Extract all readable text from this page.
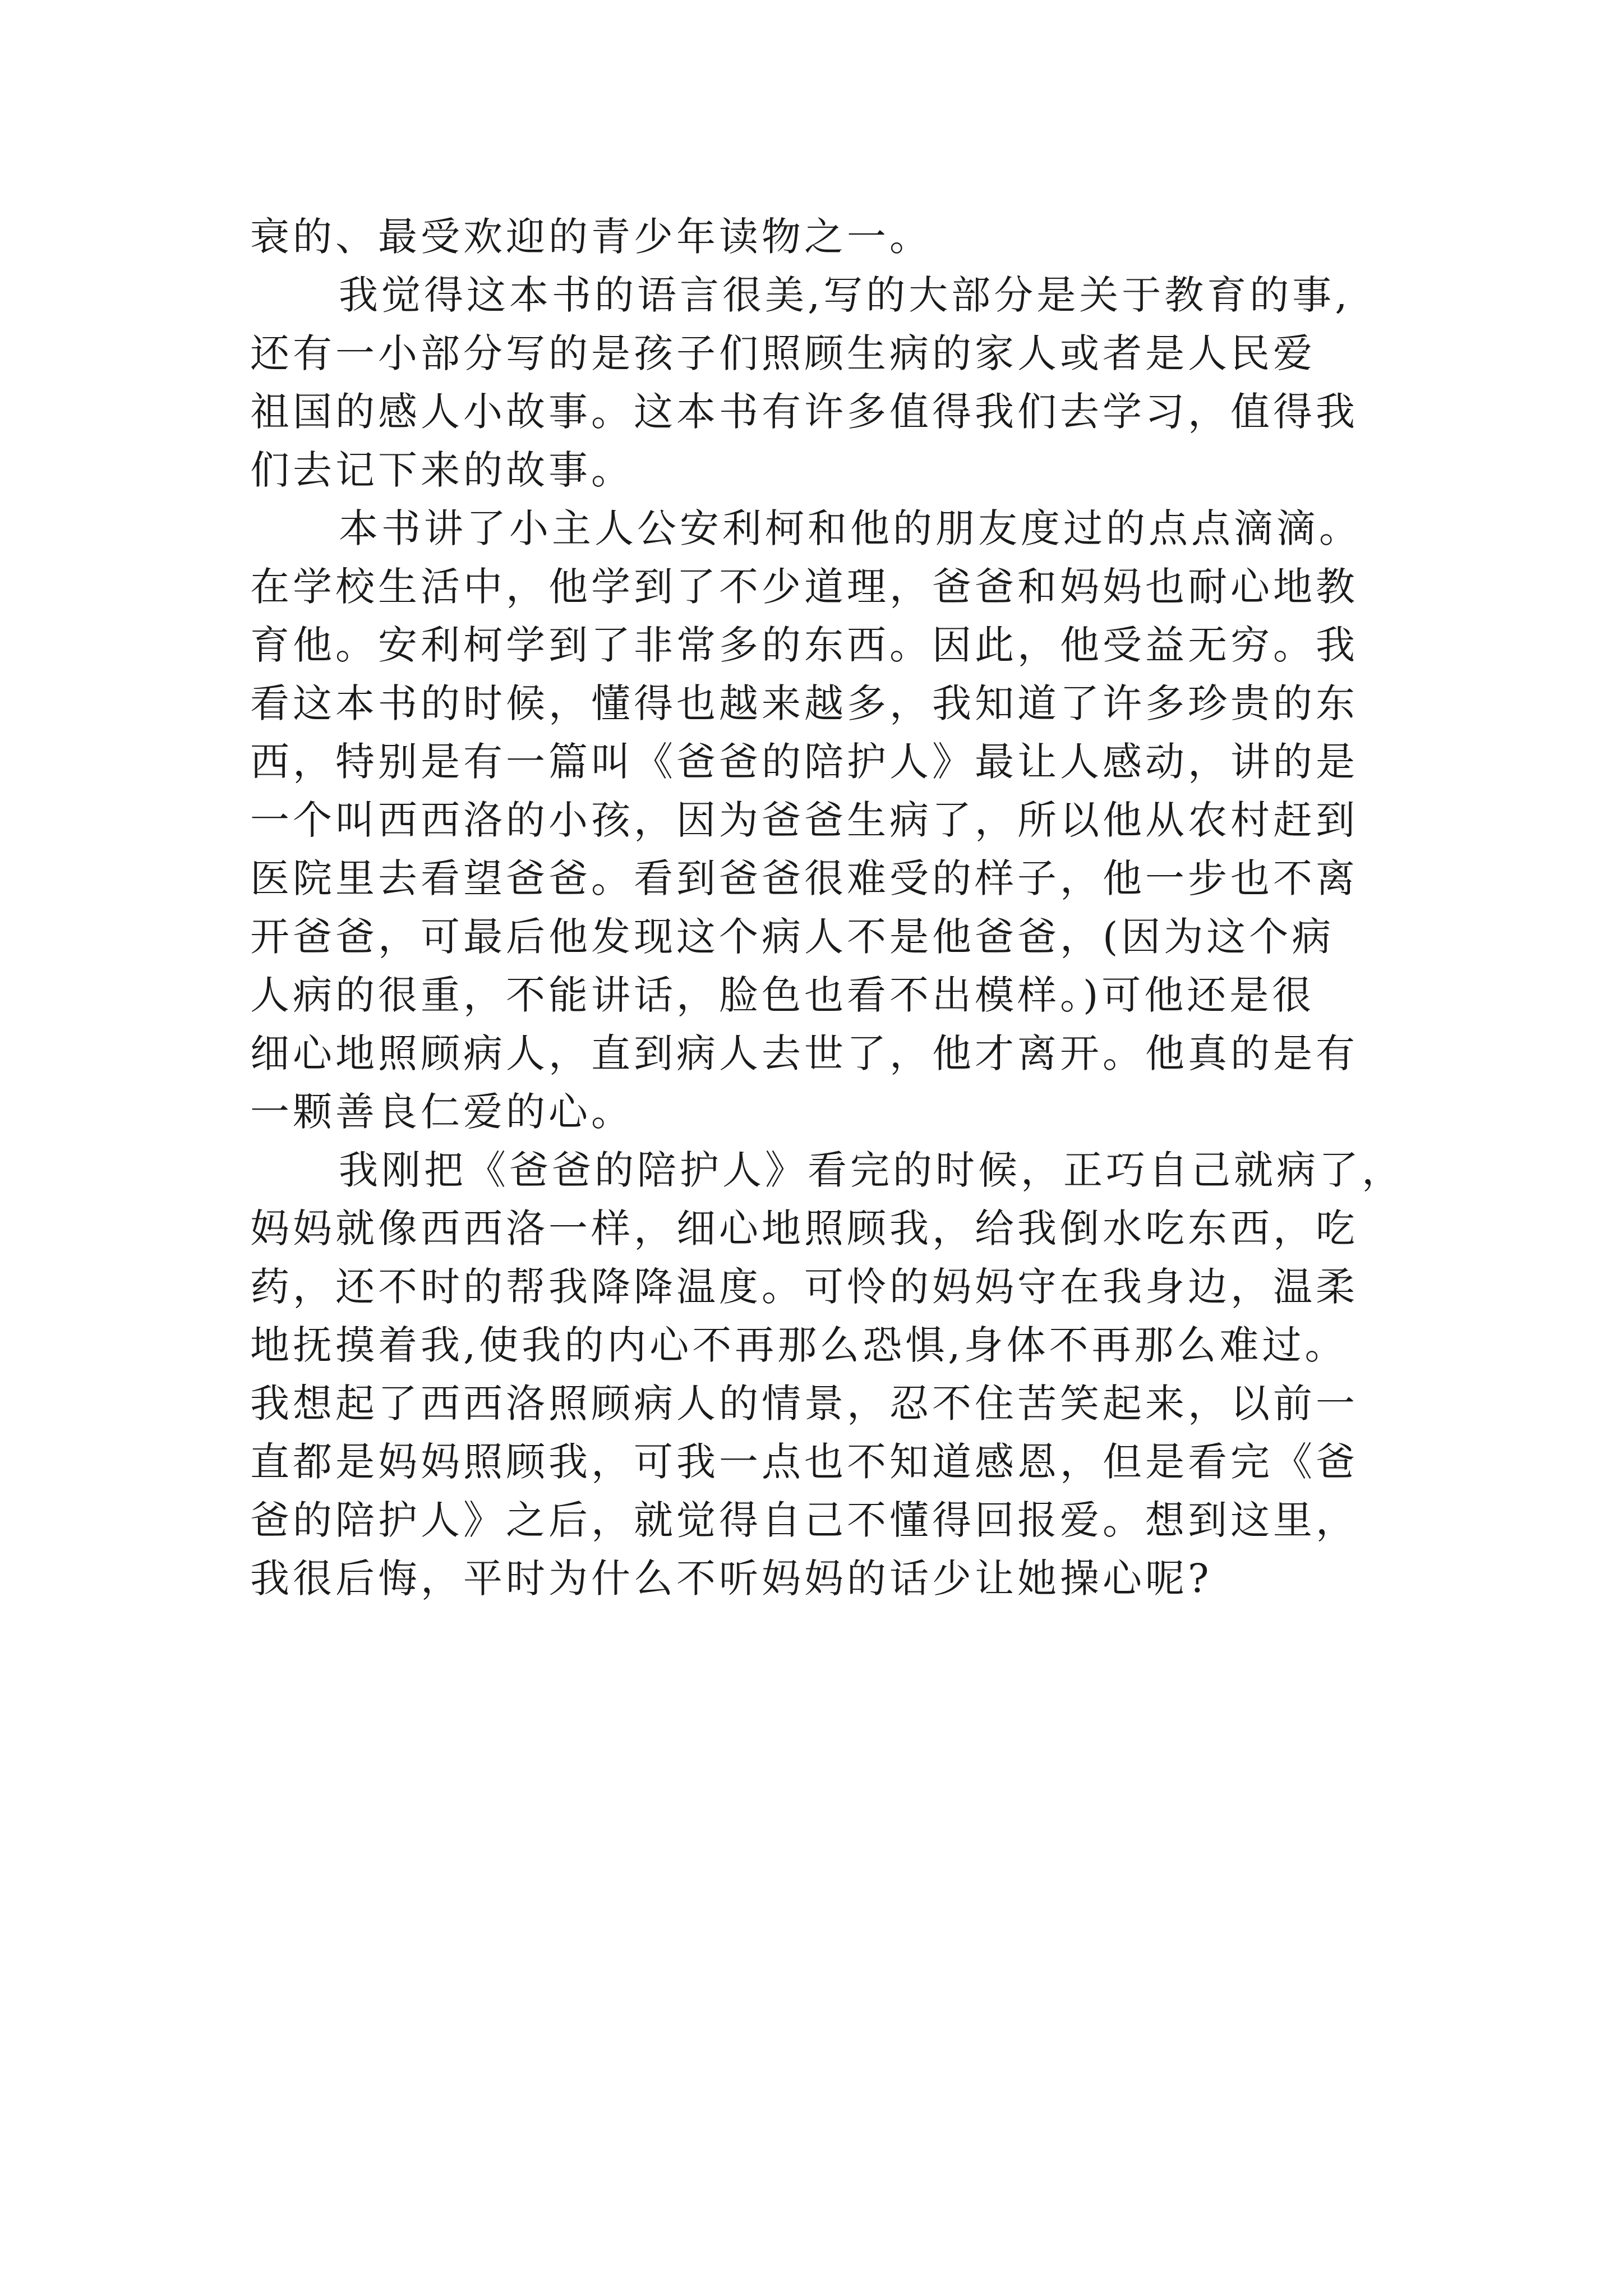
衰的、最受欢迎的青少年读物之一。
我觉得这本书的语言很美,写的大部分是关于教育的事,
还有一小部分写的是孩子们照顾生病的家人或者是人民爱
祖国的感人小故事。这本书有许多值得我们去学习，值得我
们去记下来的故事。
本书讲了小主人公安利柯和他的朋友度过的点点滴滴。
在学校生活中，他学到了不少道理，爸爸和妈妈也耐心地教
育他。安利柯学到了非常多的东西。因此，他受益无穷。我
看这本书的时候，懂得也越来越多，我知道了许多珍贵的东
西，特别是有一篇叫《爸爸的陪护人》最让人感动，讲的是
一个叫西西洛的小孩，因为爸爸生病了，所以他从农村赶到
医院里去看望爸爸。看到爸爸很难受的样子，他一步也不离
开爸爸，可最后他发现这个病人不是他爸爸，(因为这个病
人病的很重，不能讲话，脸色也看不出模样。)可他还是很
细心地照顾病人，直到病人去世了，他才离开。他真的是有
一颗善良仁爱的心。
我刚把《爸爸的陪护人》看完的时候，正巧自己就病了，
妈妈就像西西洛一样，细心地照顾我，给我倒水吃东西，吃
药，还不时的帮我降降温度。可怜的妈妈守在我身边，温柔
地抚摸着我,使我的内心不再那么恐惧,身体不再那么难过。
我想起了西西洛照顾病人的情景，忍不住苦笑起来，以前一
直都是妈妈照顾我，可我一点也不知道感恩，但是看完《爸
爸的陪护人》之后，就觉得自己不懂得回报爱。想到这里，
我很后悔，平时为什么不听妈妈的话少让她操心呢?
